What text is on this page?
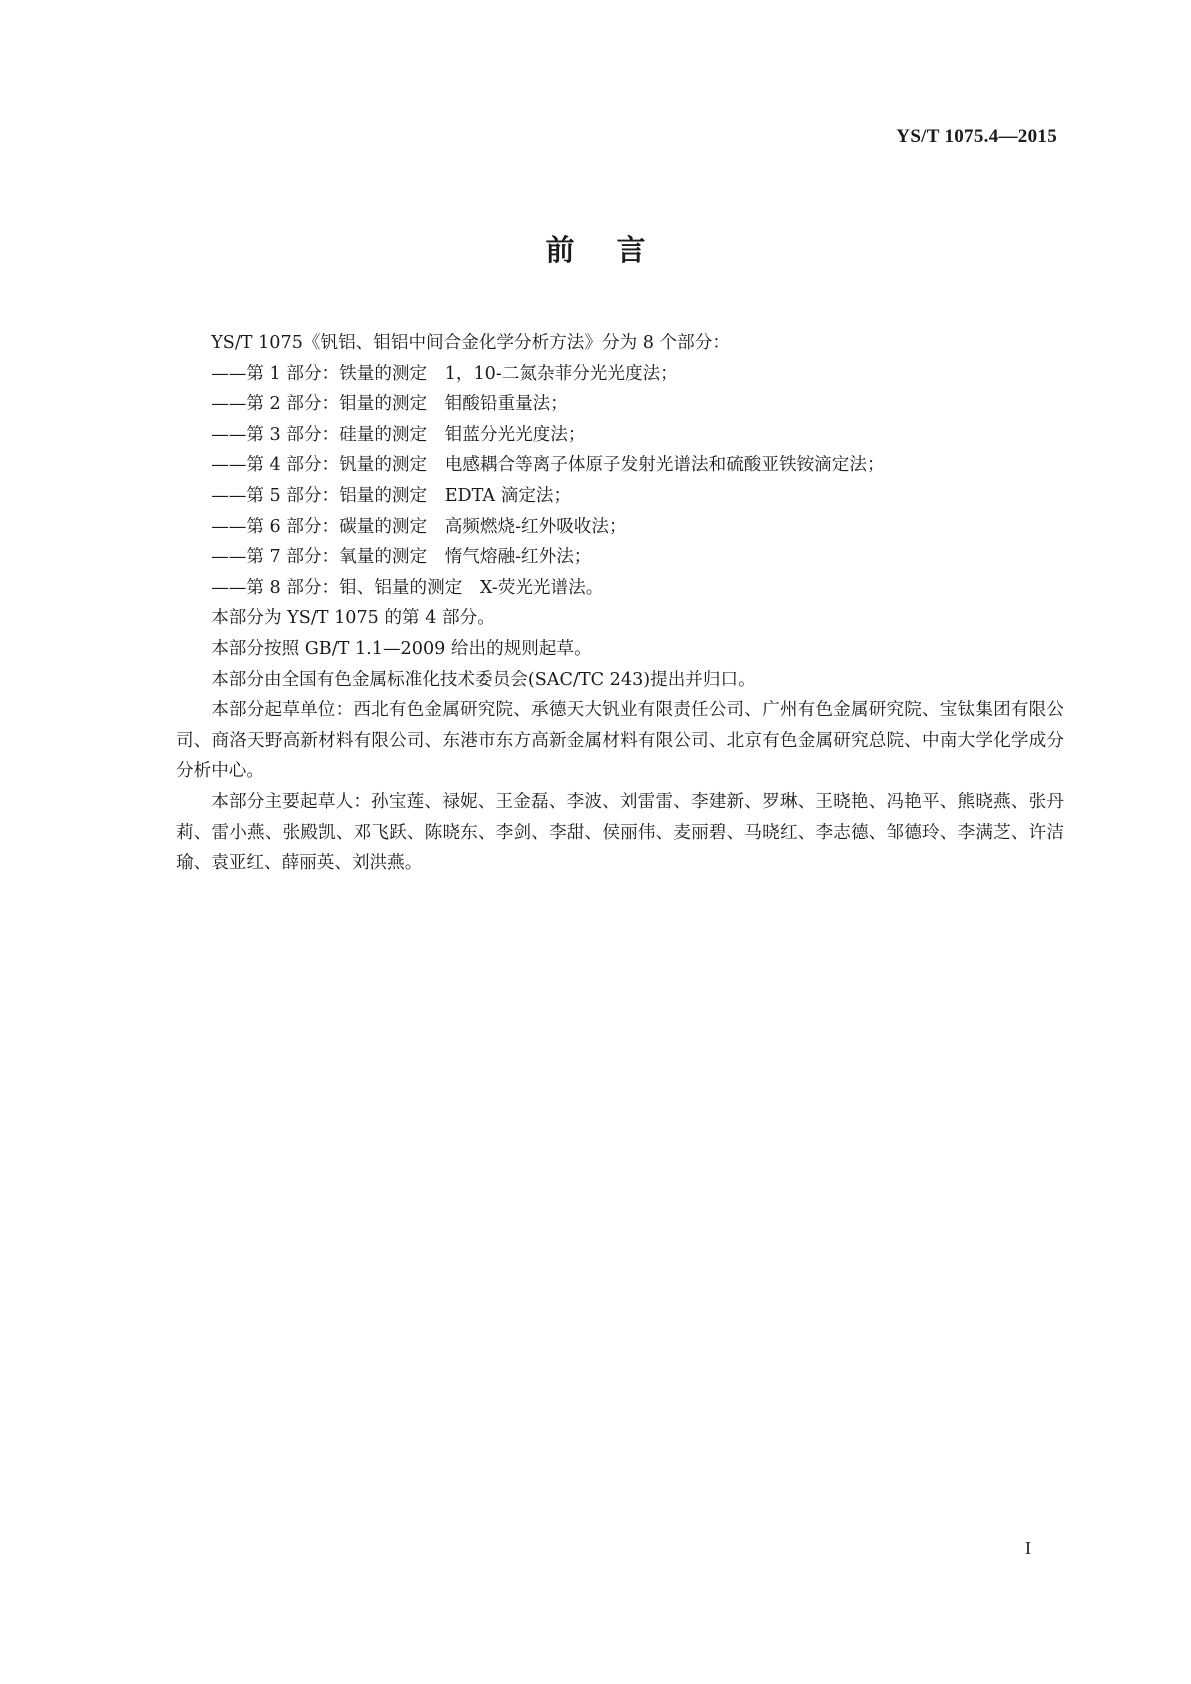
YS/T 1075.4—2015
前言

YS/T 1075《钒铝、钼铝中间合金化学分析方法》分为 8 个部分：

——第 1 部分：铁量的测定 1，10-二氮杂菲分光光度法；

——第 2 部分：钼量的测定 钼酸铅重量法；

——第 3 部分：硅量的测定 钼蓝分光光度法；

——第 4 部分：钒量的测定 电感耦合等离子体原子发射光谱法和硫酸亚铁铵滴定法；

——第 5 部分：铝量的测定 EDTA 滴定法；

——第 6 部分：碳量的测定 高频燃烧-红外吸收法；

——第 7 部分：氧量的测定 惰气熔融-红外法；

——第 8 部分：钼、铝量的测定 X-荧光光谱法。

本部分为 YS/T 1075 的第 4 部分。

本部分按照 GB/T 1.1—2009 给出的规则起草。

本部分由全国有色金属标准化技术委员会(SAC/TC 243)提出并归口。

本部分起草单位：西北有色金属研究院、承德天大钒业有限责任公司、广州有色金属研究院、宝钛集团有限公司、商洛天野高新材料有限公司、东港市东方高新金属材料有限公司、北京有色金属研究总院、中南大学化学成分分析中心。

本部分主要起草人：孙宝莲、禄妮、王金磊、李波、刘雷雷、李建新、罗琳、王晓艳、冯艳平、熊晓燕、张丹莉、雷小燕、张殿凯、邓飞跃、陈晓东、李剑、李甜、侯丽伟、麦丽碧、马晓红、李志德、邹德玲、李满芝、许洁瑜、袁亚红、薛丽英、刘洪燕。

I
